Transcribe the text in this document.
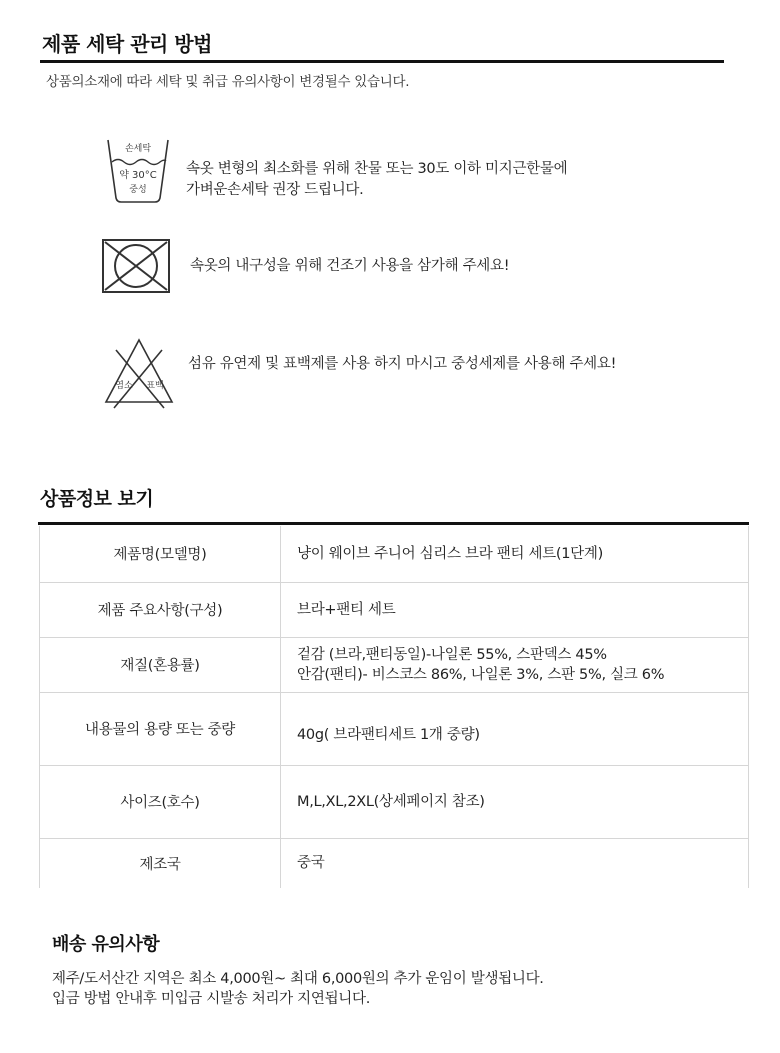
제품 세탁 관리 방법
상품의소재에 따라 세탁 및 취급 유의사항이 변경될수 있습니다.
손세탁
약 30°C
중성
속옷 변형의 최소화를 위해 찬물 또는 30도 이하 미지근한물에
가벼운손세탁 권장 드립니다.
속옷의 내구성을 위해 건조기 사용을 삼가해 주세요!
염소 표백
섬유 유연제 및 표백제를 사용 하지 마시고 중성세제를 사용해 주세요!
상품정보 보기
제품명(모델명)	냥이 웨이브 주니어 심리스 브라 팬티 세트(1단계)

제품 주요사항(구성)	브라+팬티 세트

재질(혼용률)	겉감 (브라,팬티동일)-나일론 55%, 스판덱스 45%
안감(팬티)- 비스코스 86%, 나일론 3%, 스판 5%, 실크 6%

내용물의 용량 또는 중량	40g( 브라팬티세트 1개 중량)

사이즈(호수)	M,L,XL,2XL(상세페이지 참조)

제조국	중국
배송 유의사항
제주/도서산간 지역은 최소 4,000원~ 최대 6,000원의 추가 운임이 발생됩니다.
입금 방법 안내후 미입금 시발송 처리가 지연됩니다.
